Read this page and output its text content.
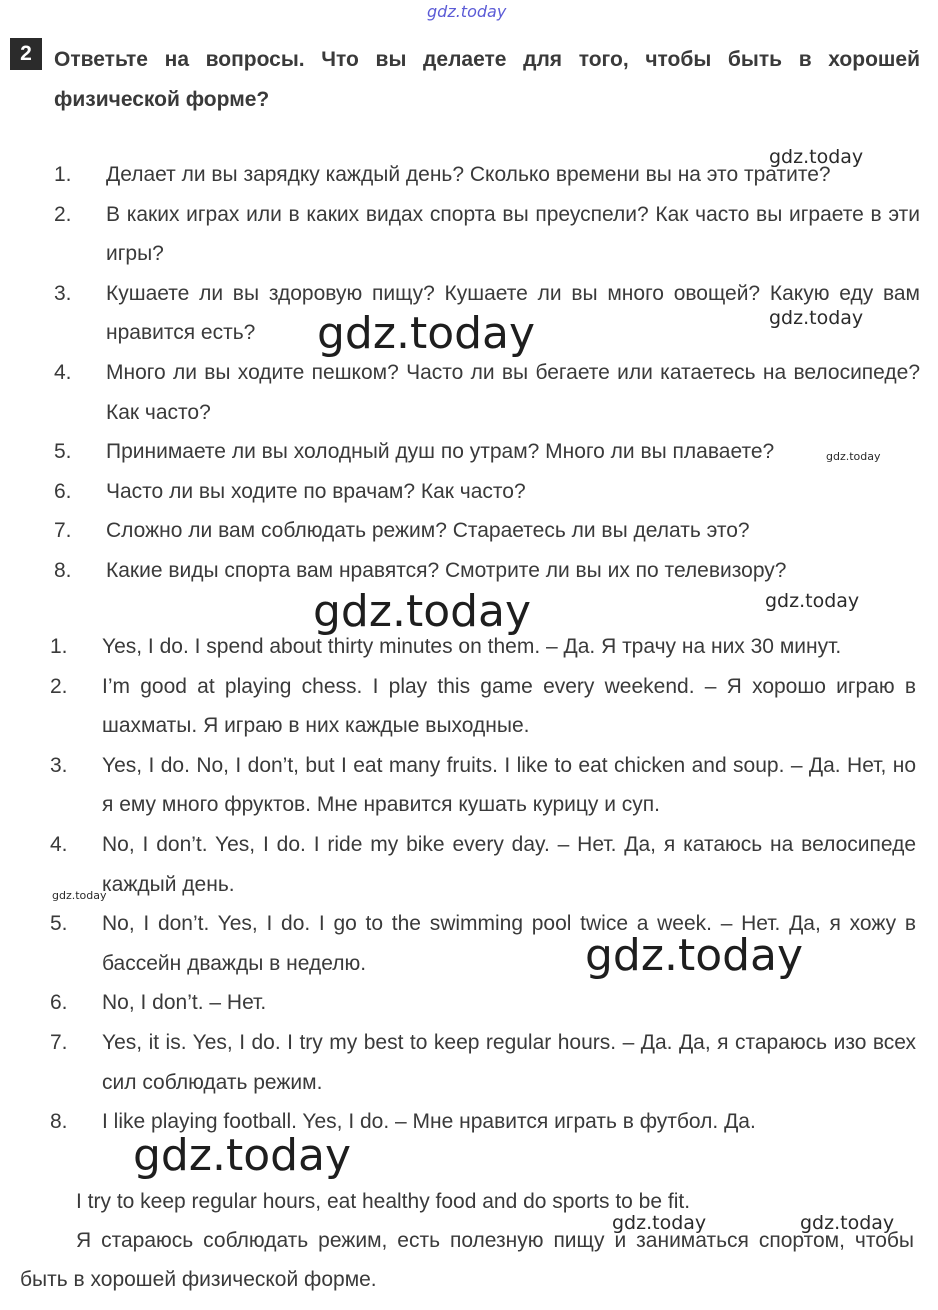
gdz.today
gdz.today
gdz.today
gdz.today
gdz.today
gdz.today	gdz.today
gdz.today
gdz.today
gdz.today
gdz.today	gdz.today
2	Ответьте на вопросы. Что вы делаете для того, чтобы быть в хорошей физической форме?

1. Делает ли вы зарядку каждый день? Сколько времени вы на это тратите?
2. В каких играх или в каких видах спорта вы преуспели? Как часто вы играете в эти игры?
3. Кушаете ли вы здоровую пищу? Кушаете ли вы много овощей? Какую еду вам нравится есть?
4. Много ли вы ходите пешком? Часто ли вы бегаете или катаетесь на велосипеде? Как часто?
5. Принимаете ли вы холодный душ по утрам? Много ли вы плаваете?
6. Часто ли вы ходите по врачам? Как часто?
7. Сложно ли вам соблюдать режим? Стараетесь ли вы делать это?
8. Какие виды спорта вам нравятся? Смотрите ли вы их по телевизору?
1. Yes, I do. I spend about thirty minutes on them. – Да. Я трачу на них 30 минут.
2. I’m good at playing chess. I play this game every weekend. – Я хорошо играю в шахматы. Я играю в них каждые выходные.
3. Yes, I do. No, I don’t, but I eat many fruits. I like to eat chicken and soup. – Да. Нет, но я ему много фруктов. Мне нравится кушать курицу и суп.
4. No, I don’t. Yes, I do. I ride my bike every day. – Нет. Да, я катаюсь на велосипеде каждый день.
5. No, I don’t. Yes, I do. I go to the swimming pool twice a week. – Нет. Да, я хожу в бассейн дважды в неделю.
6. No, I don’t. – Нет.
7. Yes, it is. Yes, I do. I try my best to keep regular hours. – Да. Да, я стараюсь изо всех сил соблюдать режим.
8. I like playing football. Yes, I do. – Мне нравится играть в футбол. Да.

I try to keep regular hours, eat healthy food and do sports to be fit.

Я стараюсь соблюдать режим, есть полезную пищу и заниматься спортом, чтобы быть в хорошей физической форме.
